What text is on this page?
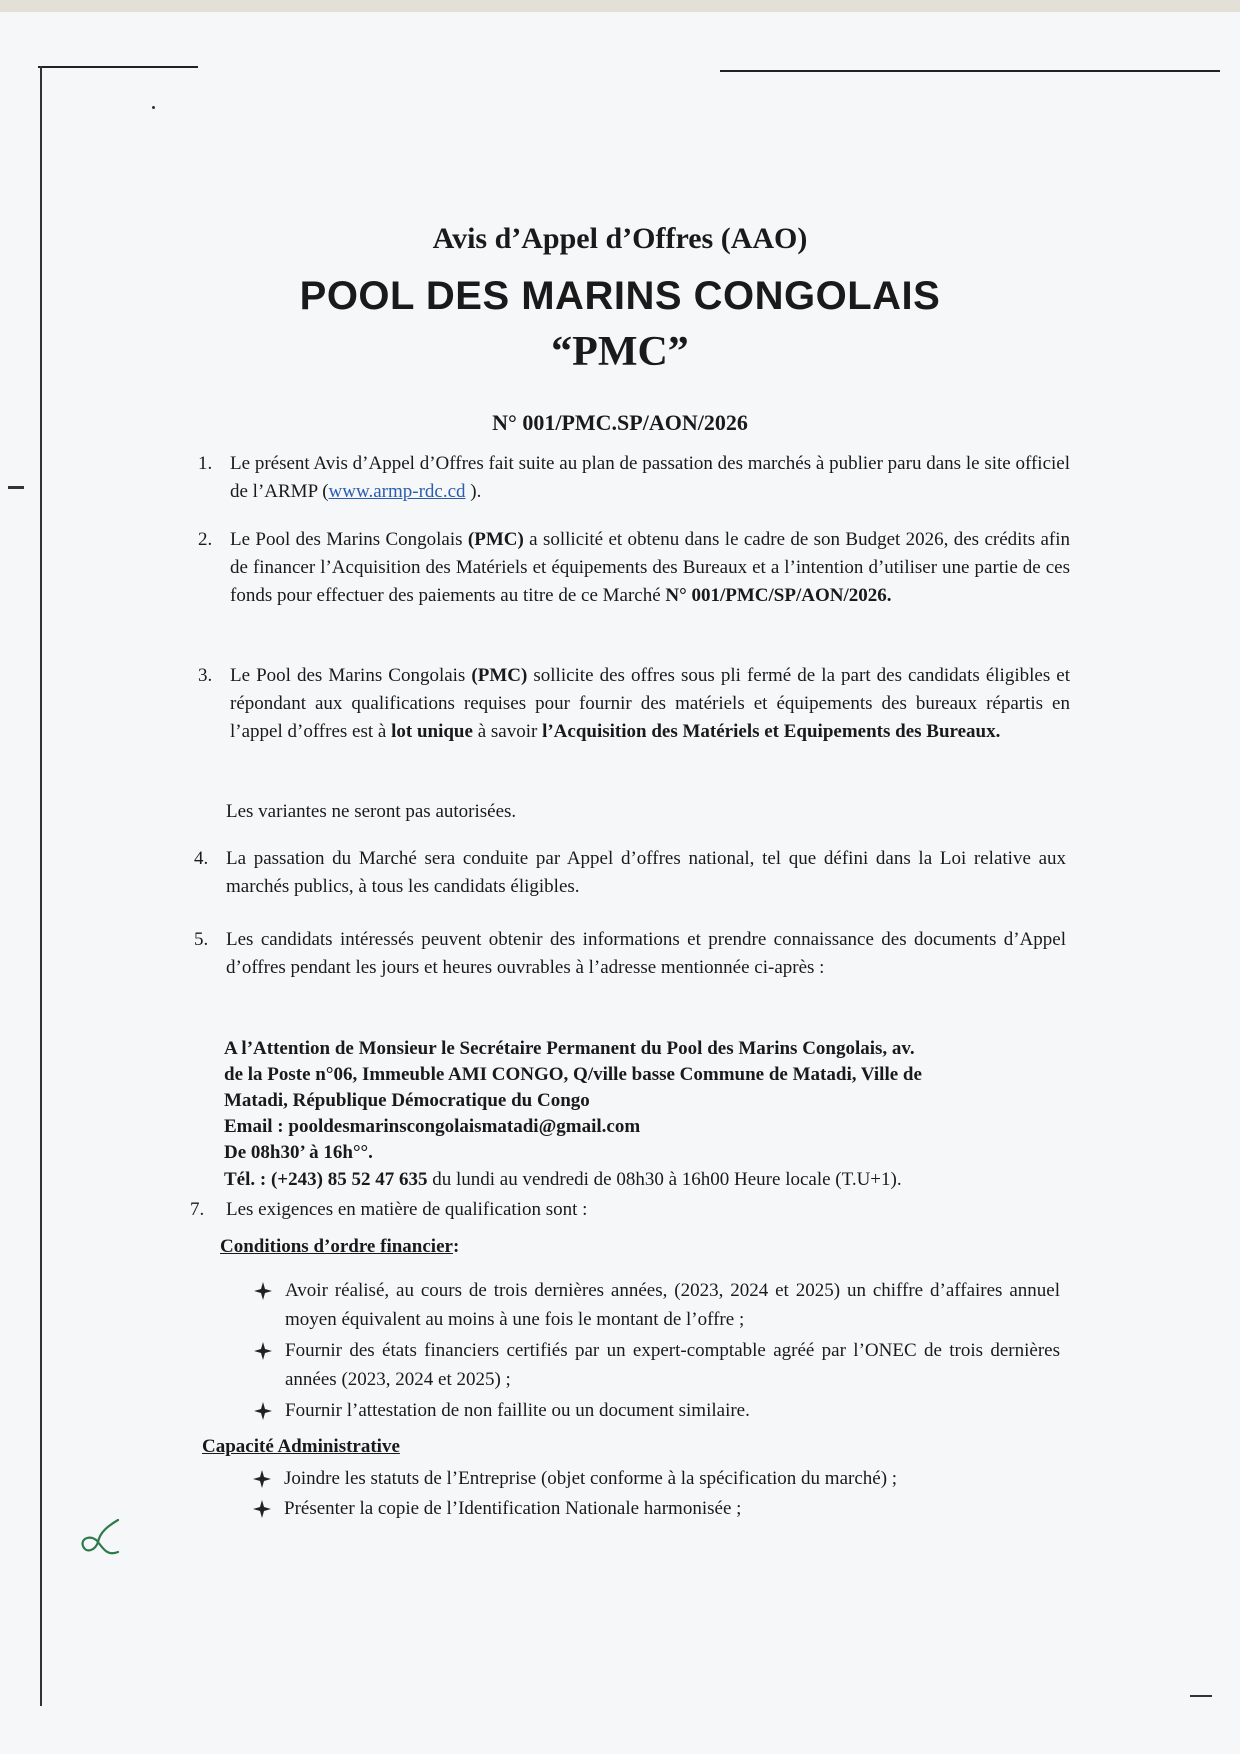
Avis d’Appel d’Offres (AAO)
POOL DES MARINS CONGOLAIS
“PMC”
N° 001/PMC.SP/AON/2026
1. Le présent Avis d’Appel d’Offres fait suite au plan de passation des marchés à publier paru dans le site officiel de l’ARMP (www.armp-rdc.cd ).
2. Le Pool des Marins Congolais (PMC) a sollicité et obtenu dans le cadre de son Budget 2026, des crédits afin de financer l’Acquisition des Matériels et équipements des Bureaux et a l’intention d’utiliser une partie de ces fonds pour effectuer des paiements au titre de ce Marché N° 001/PMC/SP/AON/2026.
3. Le Pool des Marins Congolais (PMC) sollicite des offres sous pli fermé de la part des candidats éligibles et répondant aux qualifications requises pour fournir des matériels et équipements des bureaux répartis en l’appel d’offres est à lot unique à savoir l’Acquisition des Matériels et Equipements des Bureaux.
Les variantes ne seront pas autorisées.
4. La passation du Marché sera conduite par Appel d’offres national, tel que défini dans la Loi relative aux marchés publics, à tous les candidats éligibles.
5. Les candidats intéressés peuvent obtenir des informations et prendre connaissance des documents d’Appel d’offres pendant les jours et heures ouvrables à l’adresse mentionnée ci-après :
A l’Attention de Monsieur le Secrétaire Permanent du Pool des Marins Congolais, av.
de la Poste n°06, Immeuble AMI CONGO, Q/ville basse Commune de Matadi, Ville de
Matadi, République Démocratique du Congo
Email : pooldesmarinscongolaismatadi@gmail.com
De 08h30’ à 16h°°.
Tél. : (+243) 85 52 47 635 du lundi au vendredi de 08h30 à 16h00 Heure locale (T.U+1).
7. Les exigences en matière de qualification sont :
Conditions d’ordre financier:
Avoir réalisé, au cours de trois dernières années, (2023, 2024 et 2025) un chiffre d’affaires annuel moyen équivalent au moins à une fois le montant de l’offre ;
Fournir des états financiers certifiés par un expert-comptable agréé par l’ONEC de trois dernières années (2023, 2024 et 2025) ;
Fournir l’attestation de non faillite ou un document similaire.
Capacité Administrative
Joindre les statuts de l’Entreprise (objet conforme à la spécification du marché) ;
Présenter la copie de l’Identification Nationale harmonisée ;
